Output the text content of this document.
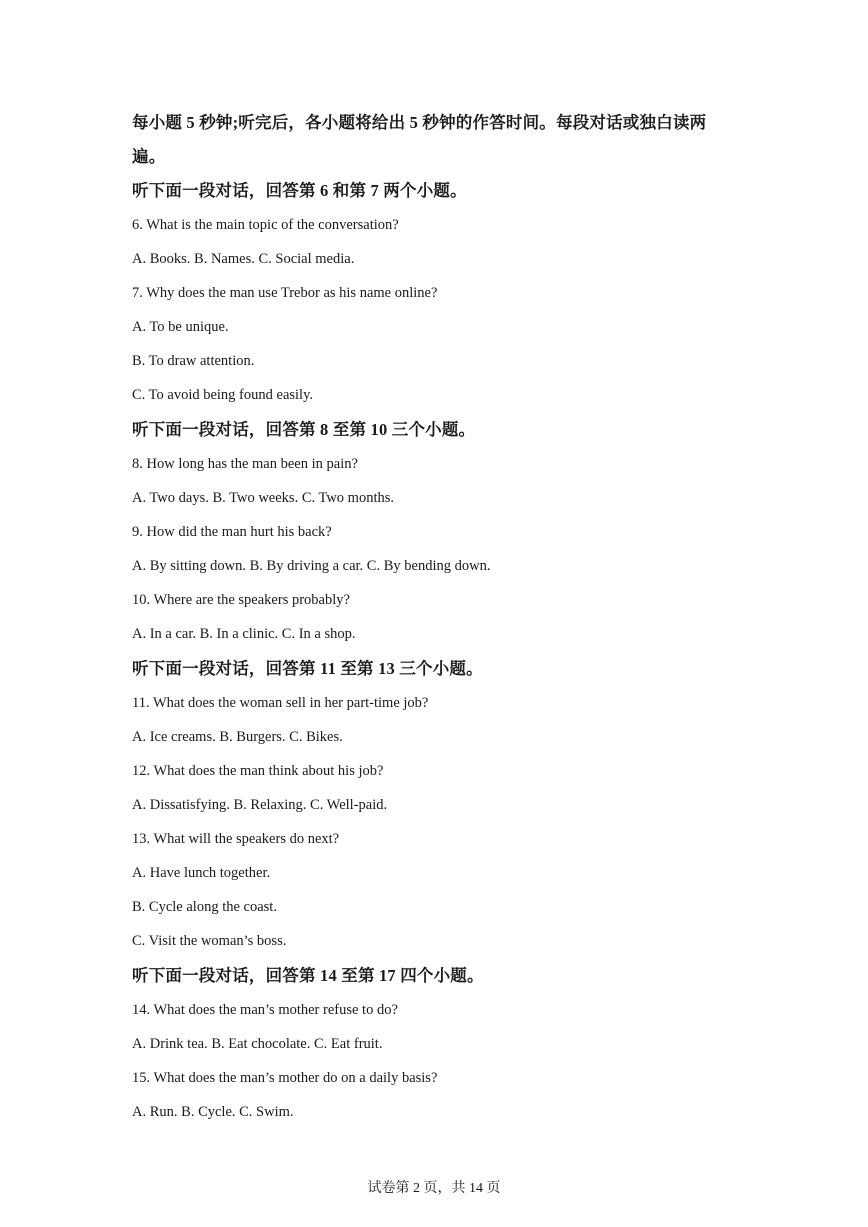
每小题 5 秒钟;听完后，各小题将给出 5 秒钟的作答时间。每段对话或独白读两
遍。
听下面一段对话，回答第 6 和第 7 两个小题。
6. What is the main topic of the conversation?
A. Books. B. Names. C. Social media.
7. Why does the man use Trebor as his name online?
A. To be unique.
B. To draw attention.
C. To avoid being found easily.
听下面一段对话，回答第 8 至第 10 三个小题。
8. How long has the man been in pain?
A. Two days. B. Two weeks. C. Two months.
9. How did the man hurt his back?
A. By sitting down. B. By driving a car. C. By bending down.
10. Where are the speakers probably?
A. In a car. B. In a clinic. C. In a shop.
听下面一段对话，回答第 11 至第 13 三个小题。
11. What does the woman sell in her part-time job?
A. Ice creams. B. Burgers. C. Bikes.
12. What does the man think about his job?
A. Dissatisfying. B. Relaxing. C. Well-paid.
13. What will the speakers do next?
A. Have lunch together.
B. Cycle along the coast.
C. Visit the woman’s boss.
听下面一段对话，回答第 14 至第 17 四个小题。
14. What does the man’s mother refuse to do?
A. Drink tea. B. Eat chocolate. C. Eat fruit.
15. What does the man’s mother do on a daily basis?
A. Run. B. Cycle. C. Swim.
试卷第 2 页，共 14 页
